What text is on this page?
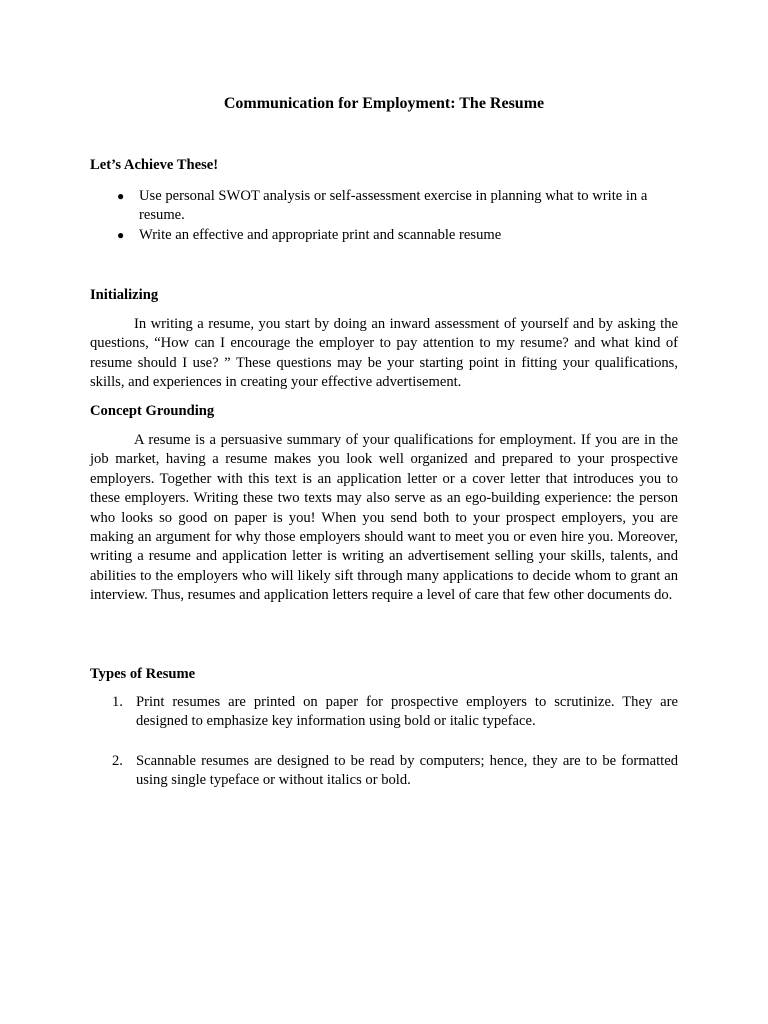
Communication for Employment: The Resume
Let’s Achieve These!
● Use personal SWOT analysis or self-assessment exercise in planning what to write in a resume.
● Write an effective and appropriate print and scannable resume
Initializing

In writing a resume, you start by doing an inward assessment of yourself and by asking the questions, “How can I encourage the employer to pay attention to my resume? and what kind of resume should I use? ” These questions may be your starting point in fitting your qualifications, skills, and experiences in creating your effective advertisement.

Concept Grounding

A resume is a persuasive summary of your qualifications for employment. If you are in the job market, having a resume makes you look well organized and prepared to your prospective employers. Together with this text is an application letter or a cover letter that introduces you to these employers. Writing these two texts may also serve as an ego-building experience: the person who looks so good on paper is you! When you send both to your prospect employers, you are making an argument for why those employers should want to meet you or even hire you. Moreover, writing a resume and application letter is writing an advertisement selling your skills, talents, and abilities to the employers who will likely sift through many applications to decide whom to grant an interview. Thus, resumes and application letters require a level of care that few other documents do.

Types of Resume
1. Print resumes are printed on paper for prospective employers to scrutinize. They are designed to emphasize key information using bold or italic typeface.
2. Scannable resumes are designed to be read by computers; hence, they are to be formatted using single typeface or without italics or bold.
